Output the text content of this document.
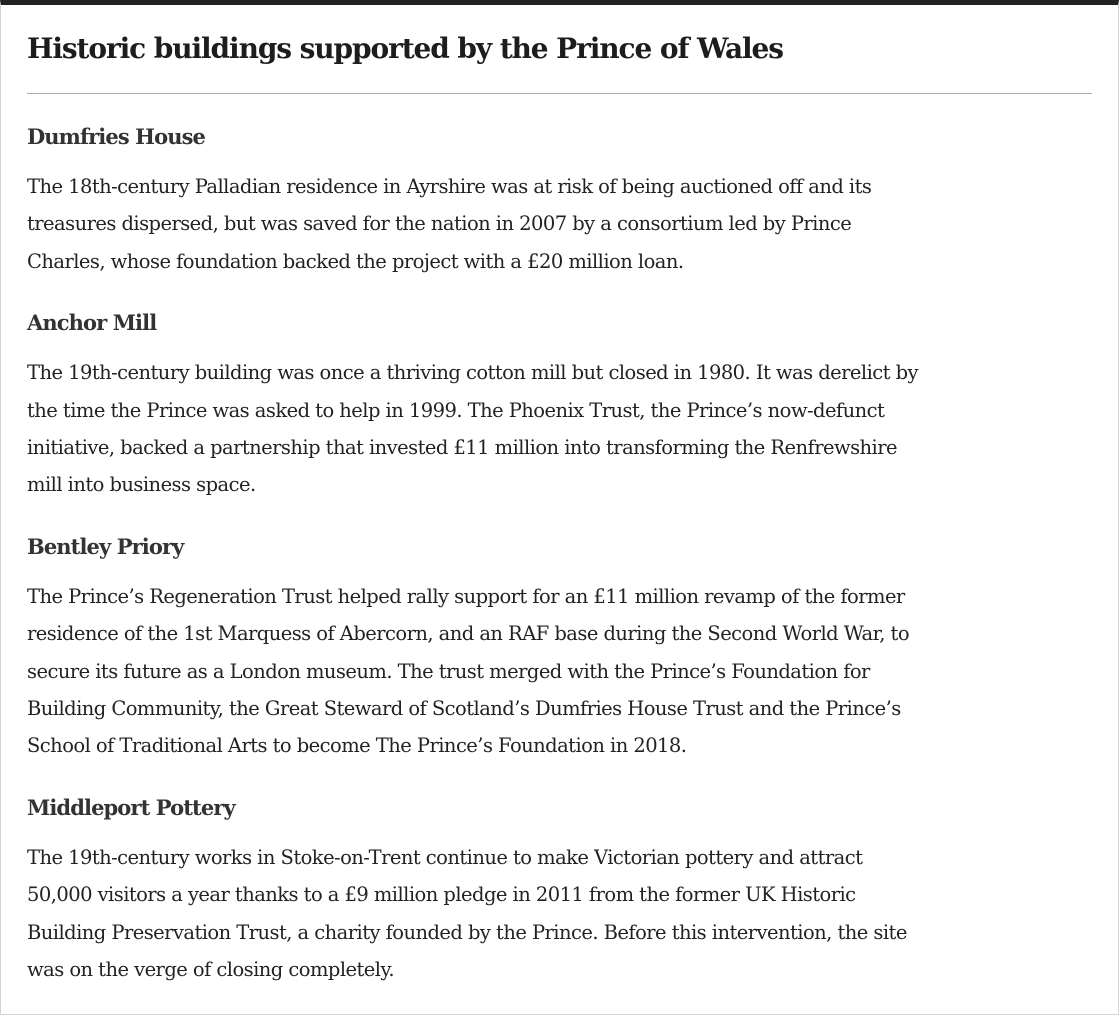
Historic buildings supported by the Prince of Wales
Dumfries House

The 18th-century Palladian residence in Ayrshire was at risk of being auctioned off and its
treasures dispersed, but was saved for the nation in 2007 by a consortium led by Prince
Charles, whose foundation backed the project with a £20 million loan.

Anchor Mill

The 19th-century building was once a thriving cotton mill but closed in 1980. It was derelict by
the time the Prince was asked to help in 1999. The Phoenix Trust, the Prince’s now-defunct
initiative, backed a partnership that invested £11 million into transforming the Renfrewshire
mill into business space.

Bentley Priory

The Prince’s Regeneration Trust helped rally support for an £11 million revamp of the former
residence of the 1st Marquess of Abercorn, and an RAF base during the Second World War, to
secure its future as a London museum. The trust merged with the Prince’s Foundation for
Building Community, the Great Steward of Scotland’s Dumfries House Trust and the Prince’s
School of Traditional Arts to become The Prince’s Foundation in 2018.

Middleport Pottery

The 19th-century works in Stoke-on-Trent continue to make Victorian pottery and attract
50,000 visitors a year thanks to a £9 million pledge in 2011 from the former UK Historic
Building Preservation Trust, a charity founded by the Prince. Before this intervention, the site
was on the verge of closing completely.
